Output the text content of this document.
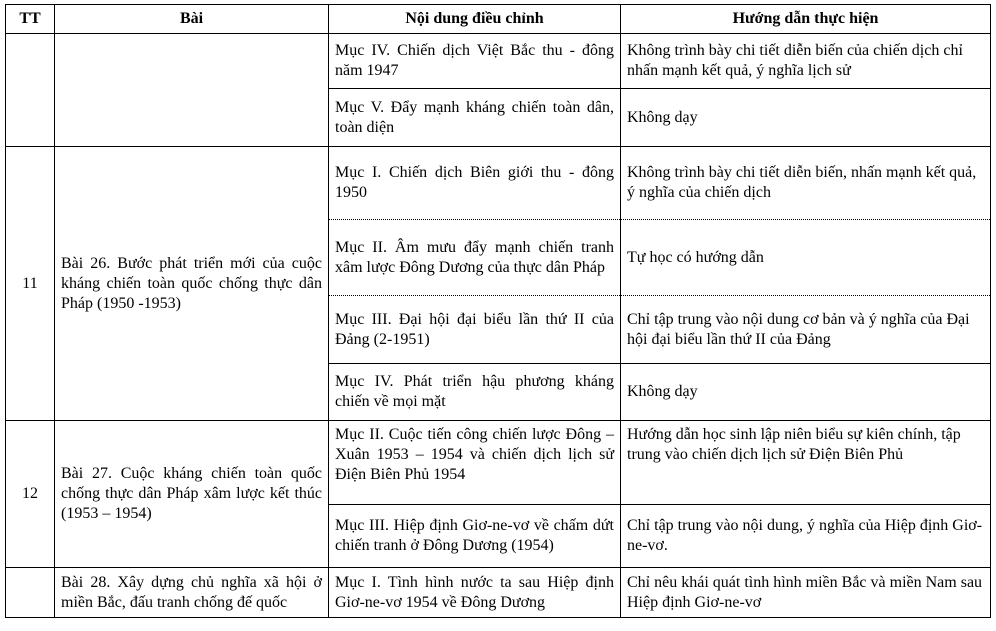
TT	Bài	Nội dung điều chỉnh	Hướng dẫn thực hiện
		Mục IV. Chiến dịch Việt Bắc thu - đông năm 1947	Không trình bày chi tiết diễn biến của chiến dịch chỉ nhấn mạnh kết quả, ý nghĩa lịch sử
		Mục V. Đẩy mạnh kháng chiến toàn dân, toàn diện	Không dạy
11	Bài 26. Bước phát triển mới của cuộc kháng chiến toàn quốc chống thực dân Pháp (1950 -1953)	Mục I. Chiến dịch Biên giới thu - đông 1950	Không trình bày chi tiết diễn biến, nhấn mạnh kết quả, ý nghĩa của chiến dịch
		Mục II. Âm mưu đẩy mạnh chiến tranh xâm lược Đông Dương của thực dân Pháp	Tự học có hướng dẫn
		Mục III. Đại hội đại biểu lần thứ II của Đảng (2-1951)	Chỉ tập trung vào nội dung cơ bản và ý nghĩa của Đại hội đại biểu lần thứ II của Đảng
		Mục IV. Phát triển hậu phương kháng chiến về mọi mặt	Không dạy
12	Bài 27. Cuộc kháng chiến toàn quốc chống thực dân Pháp xâm lược kết thúc (1953 – 1954)	Mục II. Cuộc tiến công chiến lược Đông – Xuân 1953 – 1954 và chiến dịch lịch sử Điện Biên Phủ 1954	Hướng dẫn học sinh lập niên biểu sự kiên chính, tập trung vào chiến dịch lịch sử Điện Biên Phủ
		Mục III. Hiệp định Giơ-ne-vơ về chấm dứt chiến tranh ở Đông Dương (1954)	Chỉ tập trung vào nội dung, ý nghĩa của Hiệp định Giơ-ne-vơ.
	Bài 28. Xây dựng chủ nghĩa xã hội ở miền Bắc, đấu tranh chống đế quốc	Mục I. Tình hình nước ta sau Hiệp định Giơ-ne-vơ 1954 về Đông Dương	Chỉ nêu khái quát tình hình miền Bắc và miền Nam sau Hiệp định Giơ-ne-vơ
